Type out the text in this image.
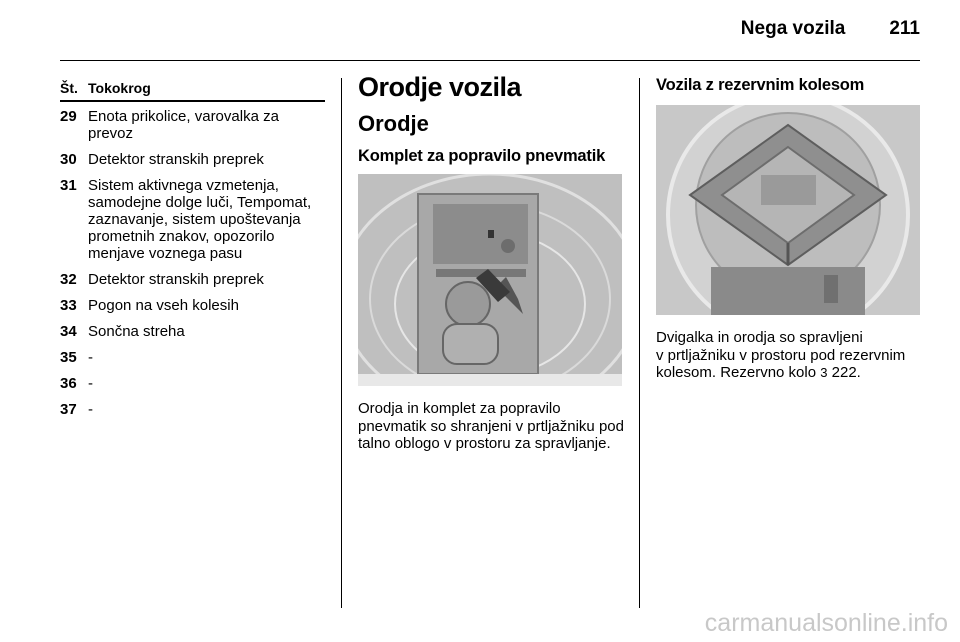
Nega vozila 211
Št. Tokokrog
29 Enota prikolice, varovalka za prevoz
30 Detektor stranskih preprek
31 Sistem aktivnega vzmetenja, samodejne dolge luči, Tempomat, zaznavanje, sistem upoštevanja prometnih znakov, opozorilo menjave voznega pasu
32 Detektor stranskih preprek
33 Pogon na vseh kolesih
34 Sončna streha
35 -
36 -
37 -
Orodje vozila
Orodje
Komplet za popravilo pnevmatik
Orodja in komplet za popravilo pnevmatik so shranjeni v prtljažniku pod talno oblogo v prostoru za spravljanje.
Vozila z rezervnim kolesom
Dvigalka in orodja so spravljeni
v prtljažniku v prostoru pod rezervnim
kolesom. Rezervno kolo 3 222.
carmanualsonline.info
